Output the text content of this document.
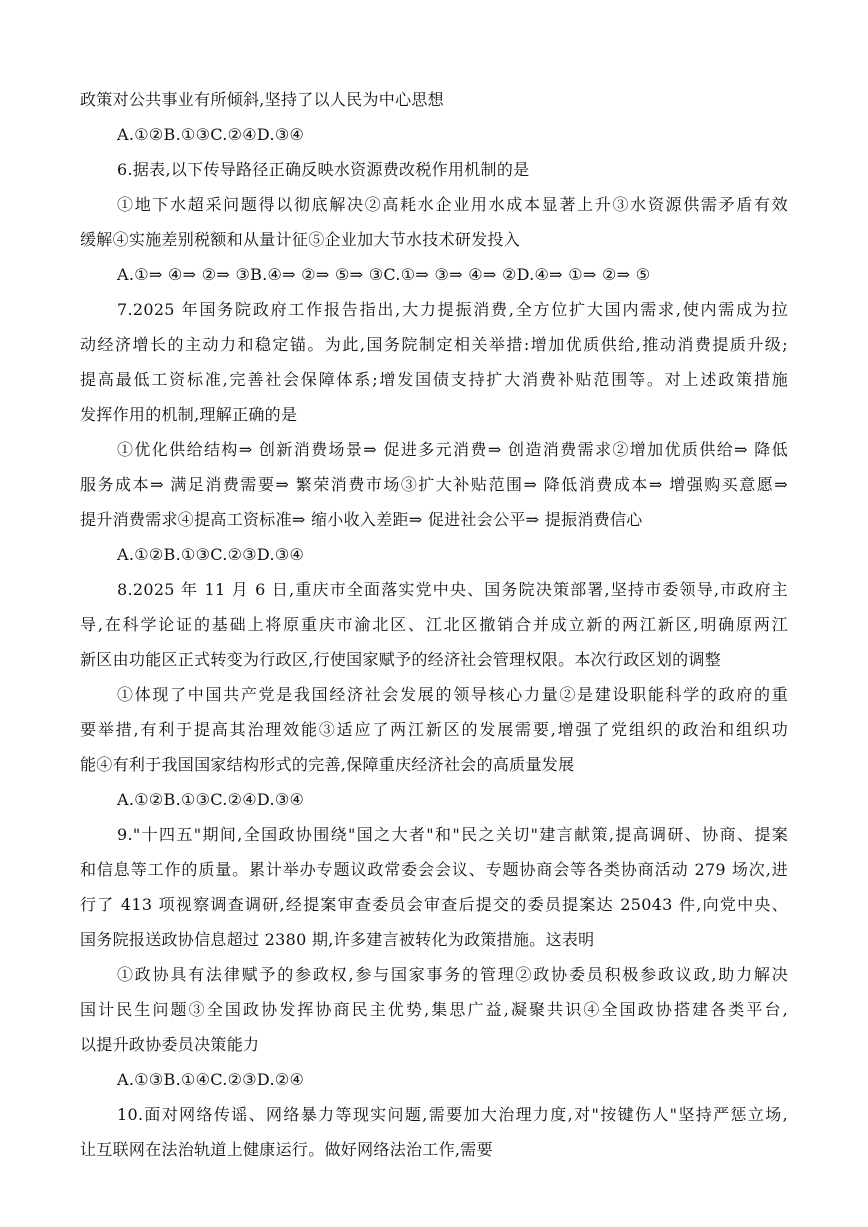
政策对公共事业有所倾斜,坚持了以人民为中心思想
A.①②B.①③C.②④D.③④
6.据表,以下传导路径正确反映水资源费改税作用机制的是
①地下水超采问题得以彻底解决②高耗水企业用水成本显著上升③水资源供需矛盾有效
缓解④实施差别税额和从量计征⑤企业加大节水技术研发投入
A.①⇒ ④⇒ ②⇒ ③B.④⇒ ②⇒ ⑤⇒ ③C.①⇒ ③⇒ ④⇒ ②D.④⇒ ①⇒ ②⇒ ⑤
7.2025 年国务院政府工作报告指出,大力提振消费,全方位扩大国内需求,使内需成为拉
动经济增长的主动力和稳定锚。为此,国务院制定相关举措:增加优质供给,推动消费提质升级;
提高最低工资标准,完善社会保障体系;增发国债支持扩大消费补贴范围等。对上述政策措施
发挥作用的机制,理解正确的是
①优化供给结构⇒ 创新消费场景⇒ 促进多元消费⇒ 创造消费需求②增加优质供给⇒ 降低
服务成本⇒ 满足消费需要⇒ 繁荣消费市场③扩大补贴范围⇒ 降低消费成本⇒ 增强购买意愿⇒
提升消费需求④提高工资标准⇒ 缩小收入差距⇒ 促进社会公平⇒ 提振消费信心
A.①②B.①③C.②③D.③④
8.2025 年 11 月 6 日,重庆市全面落实党中央、国务院决策部署,坚持市委领导,市政府主
导,在科学论证的基础上将原重庆市渝北区、江北区撤销合并成立新的两江新区,明确原两江
新区由功能区正式转变为行政区,行使国家赋予的经济社会管理权限。本次行政区划的调整
①体现了中国共产党是我国经济社会发展的领导核心力量②是建设职能科学的政府的重
要举措,有利于提高其治理效能③适应了两江新区的发展需要,增强了党组织的政治和组织功
能④有利于我国国家结构形式的完善,保障重庆经济社会的高质量发展
A.①②B.①③C.②④D.③④
9."十四五"期间,全国政协围绕"国之大者"和"民之关切"建言献策,提高调研、协商、提案
和信息等工作的质量。累计举办专题议政常委会会议、专题协商会等各类协商活动 279 场次,进
行了 413 项视察调查调研,经提案审查委员会审查后提交的委员提案达 25043 件,向党中央、
国务院报送政协信息超过 2380 期,许多建言被转化为政策措施。这表明
①政协具有法律赋予的参政权,参与国家事务的管理②政协委员积极参政议政,助力解决
国计民生问题③全国政协发挥协商民主优势,集思广益,凝聚共识④全国政协搭建各类平台,
以提升政协委员决策能力
A.①③B.①④C.②③D.②④
10.面对网络传谣、网络暴力等现实问题,需要加大治理力度,对"按键伤人"坚持严惩立场,
让互联网在法治轨道上健康运行。做好网络法治工作,需要
